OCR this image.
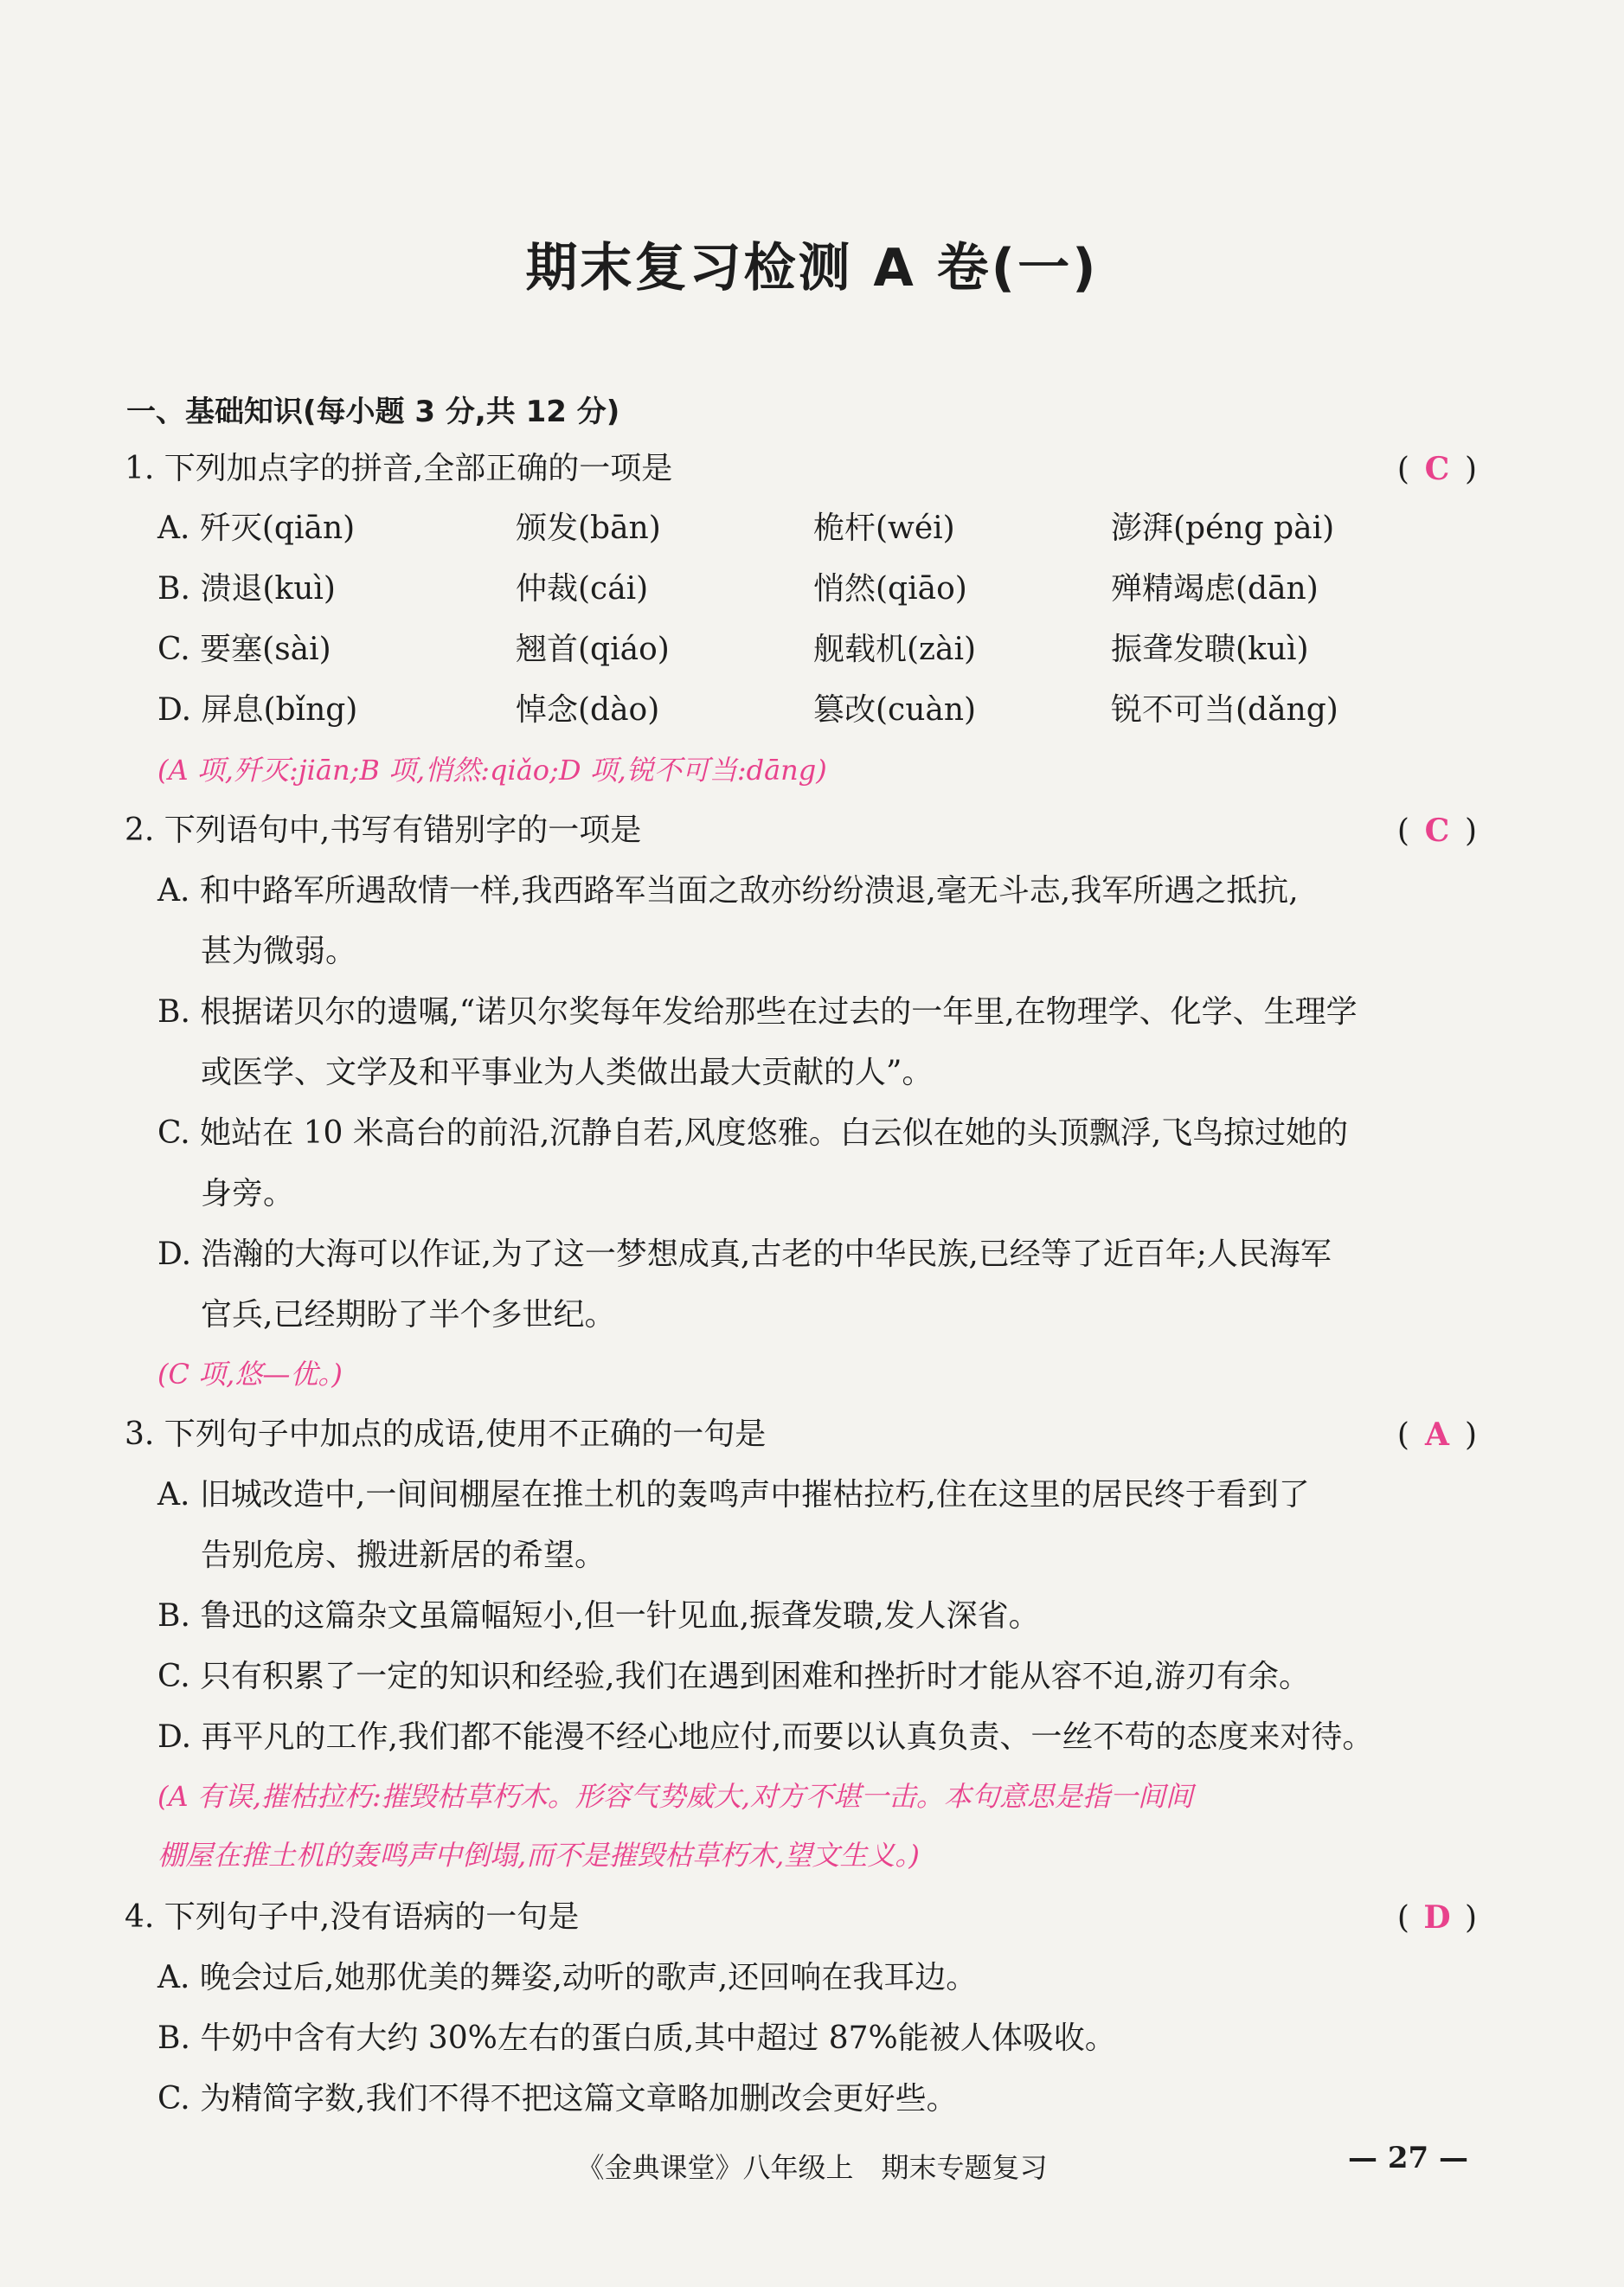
期末复习检测 A 卷(一)
一、基础知识(每小题 3 分,共 12 分)
1. 下列加点字的拼音,全部正确的一项是	( C )
A. 歼灭(qiān)	颁发(bān)	桅杆(wéi)	澎湃(péng pài)
B. 溃退(kuì)	仲裁(cái)	悄然(qiāo)	殚精竭虑(dān)
C. 要塞(sài)	翘首(qiáo)	舰载机(zài)	振聋发聩(kuì)
D. 屏息(bǐng)	悼念(dào)	篡改(cuàn)	锐不可当(dǎng)
(A 项,歼灭:jiān;B 项,悄然:qiǎo;D 项,锐不可当:dāng)
2. 下列语句中,书写有错别字的一项是	( C )
A. 和中路军所遇敌情一样,我西路军当面之敌亦纷纷溃退,毫无斗志,我军所遇之抵抗,
甚为微弱。
B. 根据诺贝尔的遗嘱,“诺贝尔奖每年发给那些在过去的一年里,在物理学、化学、生理学
或医学、文学及和平事业为人类做出最大贡献的人”。
C. 她站在 10 米高台的前沿,沉静自若,风度悠雅。白云似在她的头顶飘浮,飞鸟掠过她的
身旁。
D. 浩瀚的大海可以作证,为了这一梦想成真,古老的中华民族,已经等了近百年;人民海军
官兵,已经期盼了半个多世纪。
(C 项,悠—优。)
3. 下列句子中加点的成语,使用不正确的一句是	( A )
A. 旧城改造中,一间间棚屋在推土机的轰鸣声中摧枯拉朽,住在这里的居民终于看到了
告别危房、搬进新居的希望。
B. 鲁迅的这篇杂文虽篇幅短小,但一针见血,振聋发聩,发人深省。
C. 只有积累了一定的知识和经验,我们在遇到困难和挫折时才能从容不迫,游刃有余。
D. 再平凡的工作,我们都不能漫不经心地应付,而要以认真负责、一丝不苟的态度来对待。
(A 有误,摧枯拉朽:摧毁枯草朽木。形容气势威大,对方不堪一击。本句意思是指一间间
棚屋在推土机的轰鸣声中倒塌,而不是摧毁枯草朽木,望文生义。)
4. 下列句子中,没有语病的一句是	( D )
A. 晚会过后,她那优美的舞姿,动听的歌声,还回响在我耳边。
B. 牛奶中含有大约 30%左右的蛋白质,其中超过 87%能被人体吸收。
C. 为精简字数,我们不得不把这篇文章略加删改会更好些。
《金典课堂》八年级上　期末专题复习	— 27 —
